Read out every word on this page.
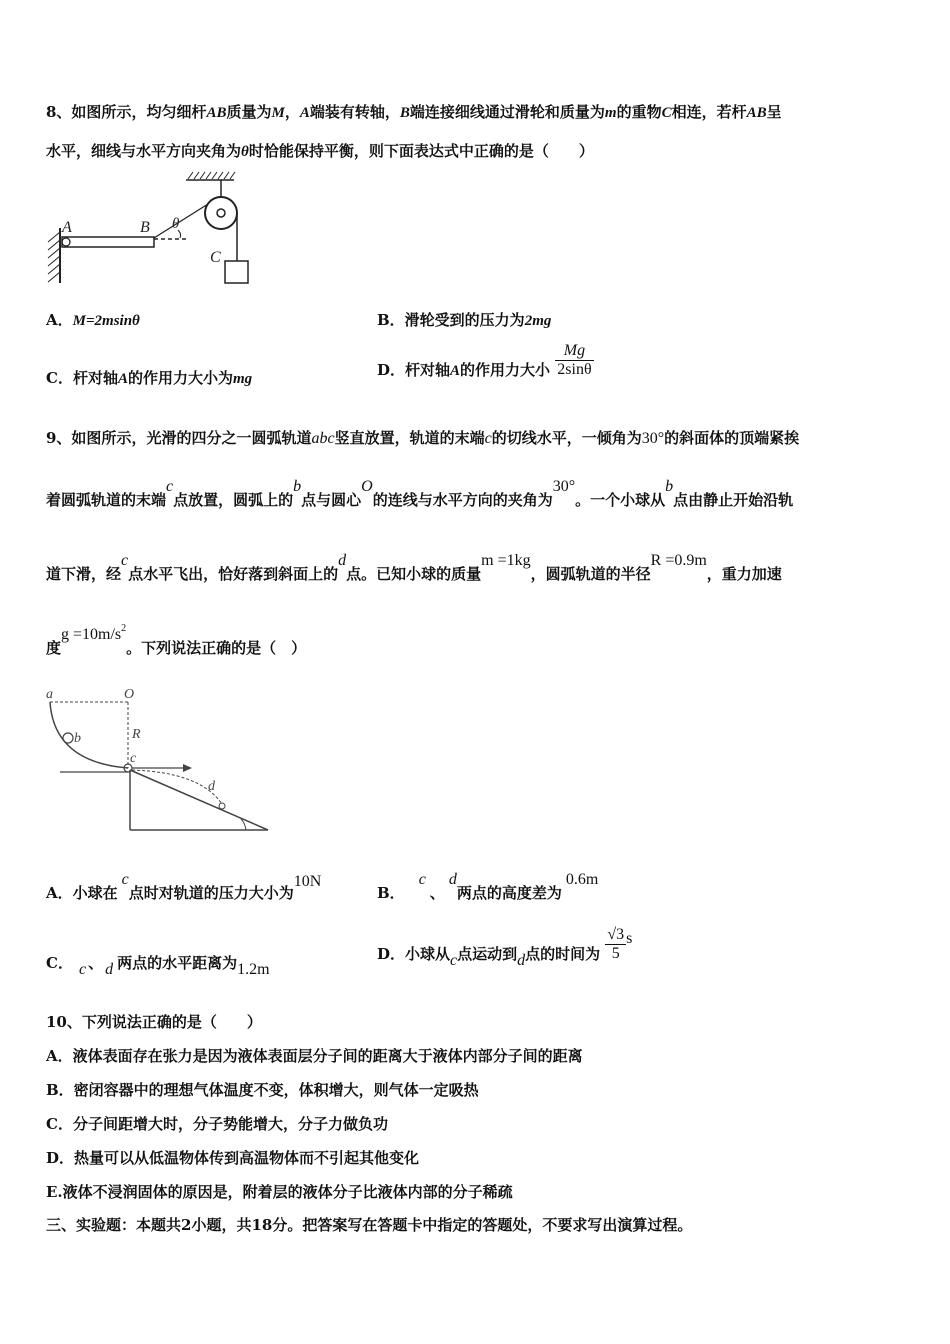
8、如图所示，均匀细杆AB质量为M，A端装有转轴，B端连接细线通过滑轮和质量为m的重物C相连，若杆AB呈
水平，细线与水平方向夹角为θ时恰能保持平衡，则下面表达式中正确的是（　　）
A	B θ
C
A．M=2msinθ	B．滑轮受到的压力为2mg
C．杆对轴A的作用力大小为mg
D．杆对轴A的作用力大小 $\frac{Mg}{2\sin\theta}$
9、如图所示，光滑的四分之一圆弧轨道abc竖直放置，轨道的末端c的切线水平，一倾角为30°的斜面体的顶端紧挨
着圆弧轨道的末端c点放置，圆弧上的b点与圆心O的连线与水平方向的夹角为30°。一个小球从b点由静止开始沿轨
道下滑，经c点水平飞出，恰好落到斜面上的d点。已知小球的质量m =1kg，圆弧轨道的半径R =0.9m，重力加速
度$g =10m/s^2$。下列说法正确的是（　）
a	O
R
b
c
d
A．小球在 c点时对轨道的压力大小为10N
B．c、d两点的高度差为0.6m
C． c 、 d 两点的水平距离为1.2m
D．小球从c点运动到d点的时间为 $\frac{√3}{5}$ s
10、下列说法正确的是（　　）
A．液体表面存在张力是因为液体表面层分子间的距离大于液体内部分子间的距离
B．密闭容器中的理想气体温度不变，体积增大，则气体一定吸热
C．分子间距增大时，分子势能增大，分子力做负功
D．热量可以从低温物体传到高温物体而不引起其他变化
E.液体不浸润固体的原因是，附着层的液体分子比液体内部的分子稀疏
三、实验题：本题共2小题，共18分。把答案写在答题卡中指定的答题处，不要求写出演算过程。
